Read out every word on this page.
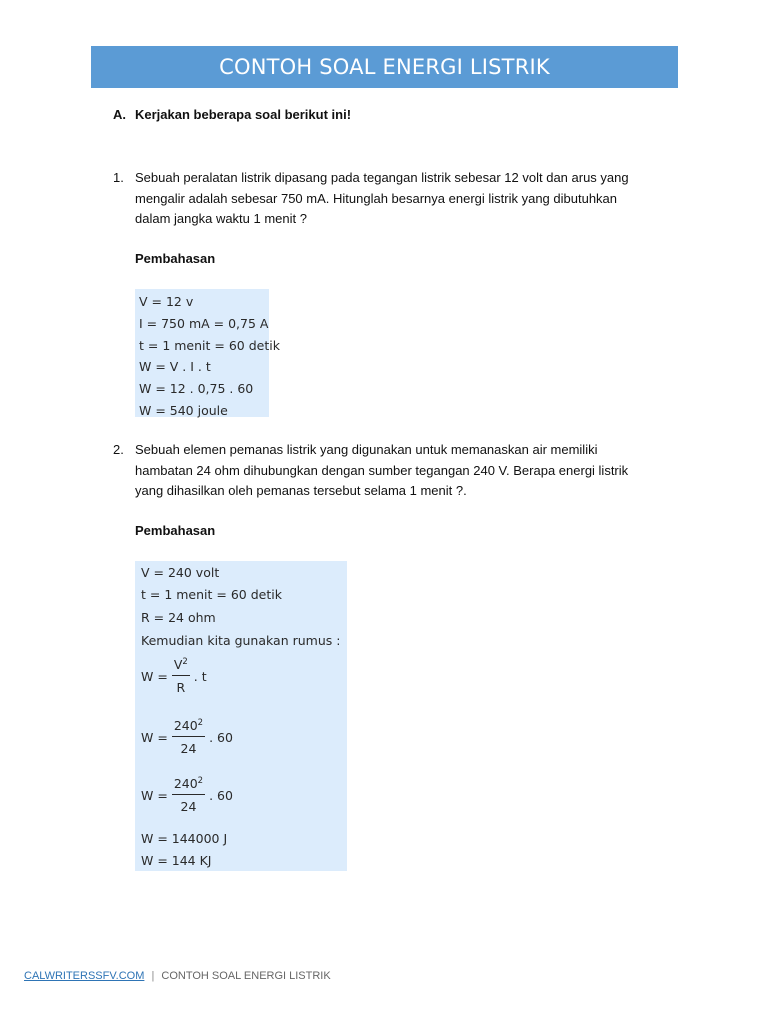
CONTOH SOAL ENERGI LISTRIK
A. Kerjakan beberapa soal berikut ini!
1. Sebuah peralatan listrik dipasang pada tegangan listrik sebesar 12 volt dan arus yang
mengalir adalah sebesar 750 mA. Hitunglah besarnya energi listrik yang dibutuhkan
dalam jangka waktu 1 menit ?
Pembahasan
V = 12 v
I = 750 mA = 0,75 A
t = 1 menit = 60 detik
W = V . I . t
W = 12 . 0,75 . 60
W = 540 joule
2. Sebuah elemen pemanas listrik yang digunakan untuk memanaskan air memiliki
hambatan 24 ohm dihubungkan dengan sumber tegangan 240 V. Berapa energi listrik
yang dihasilkan oleh pemanas tersebut selama 1 menit ?.
Pembahasan
V = 240 volt
t = 1 menit = 60 detik
R = 24 ohm
Kemudian kita gunakan rumus :
$W = \frac{V^2}{R}$ . t
$W = \frac{240^2}{24}$ . 60
$W = \frac{240^2}{24}$ . 60
W = 144000 J
W = 144 KJ
CALWRITERSSFV.COM | CONTOH SOAL ENERGI LISTRIK
